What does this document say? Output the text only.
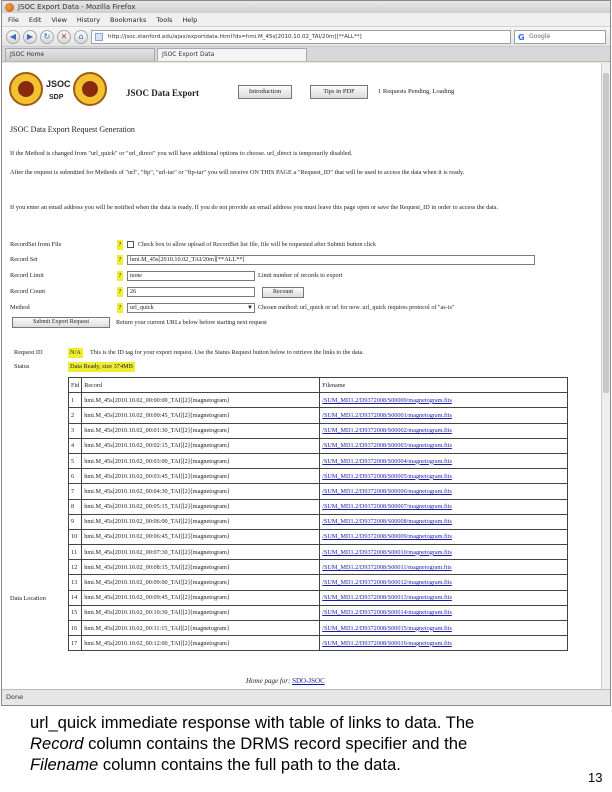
JSOC Export Data - Mozilla Firefox
File Edit View History Bookmarks Tools Help
◀	▶	↻	✕	⌂	http://jsoc.stanford.edu/ajax/exportdata.html?ds=hmi.M_45s[2010.10.02_TAI/20m][**ALL**]	G Google
JSOC Home	JSOC Export Data
JSOC
SDP	JSOC Data Export	Introduction	Tips in PDF	1 Requests Pending, Loading
JSOC Data Export Request Generation
If the Method is changed from "url_quick" or "url_direct" you will have additional options to choose. url_direct is temporarily disabled.
After the request is submitted for Methods of "url", "ftp", "url-tar" or "ftp-tar" you will receive ON THIS PAGE a "Request_ID" that will be used to access the data when it is ready.
If you enter an email address you will be notified when the data is ready. If you do not provide an email address you must leave this page open or save the Request_ID in order to access the data.
RecordSet from File	?	Check box to allow upload of RecordSet list file, file will be requested after Submit button click
Record Set	?	hmi.M_45s[2010.10.02_TAI/20m][**ALL**]
Record Limit	?	none	Limit number of records to export
Record Count	?	26	Recount
Method	?	url_quick	▼ Chosen method: url_quick or url for now. url_quick requires protocol of "as-is"
Submit Export Request	Return your current URLs below before starting next request
Request ID	N/A	This is the ID tag for your export request. Use the Status Request button below to retrieve the links to the data.
Status	Data Ready, size 374MB
Fid	Record	Filename
1	hmi.M_45s[2010.10.02_00:00:00_TAI][2]{magnetogram}	/SUM_MD1.2/D9372008/S00000/magnetogram.fits
2	hmi.M_45s[2010.10.02_00:00:45_TAI][2]{magnetogram}	/SUM_MD1.2/D9372008/S00001/magnetogram.fits
3	hmi.M_45s[2010.10.02_00:01:30_TAI][2]{magnetogram}	/SUM_MD1.2/D9372008/S00002/magnetogram.fits
4	hmi.M_45s[2010.10.02_00:02:15_TAI][2]{magnetogram}	/SUM_MD1.2/D9372008/S00003/magnetogram.fits
5	hmi.M_45s[2010.10.02_00:03:00_TAI][2]{magnetogram}	/SUM_MD1.2/D9372008/S00004/magnetogram.fits
6	hmi.M_45s[2010.10.02_00:03:45_TAI][2]{magnetogram}	/SUM_MD1.2/D9372008/S00005/magnetogram.fits
7	hmi.M_45s[2010.10.02_00:04:30_TAI][2]{magnetogram}	/SUM_MD1.2/D9372008/S00006/magnetogram.fits
8	hmi.M_45s[2010.10.02_00:05:15_TAI][2]{magnetogram}	/SUM_MD1.2/D9372008/S00007/magnetogram.fits
9	hmi.M_45s[2010.10.02_00:06:00_TAI][2]{magnetogram}	/SUM_MD1.2/D9372008/S00008/magnetogram.fits
10	hmi.M_45s[2010.10.02_00:06:45_TAI][2]{magnetogram}	/SUM_MD1.2/D9372008/S00009/magnetogram.fits
11	hmi.M_45s[2010.10.02_00:07:30_TAI][2]{magnetogram}	/SUM_MD1.2/D9372008/S00010/magnetogram.fits
12	hmi.M_45s[2010.10.02_00:08:15_TAI][2]{magnetogram}	/SUM_MD1.2/D9372008/S00011/magnetogram.fits
13	hmi.M_45s[2010.10.02_00:09:00_TAI][2]{magnetogram}	/SUM_MD1.2/D9372008/S00012/magnetogram.fits
14	hmi.M_45s[2010.10.02_00:09:45_TAI][2]{magnetogram}	/SUM_MD1.2/D9372008/S00013/magnetogram.fits
15	hmi.M_45s[2010.10.02_00:10:30_TAI][2]{magnetogram}	/SUM_MD1.2/D9372008/S00014/magnetogram.fits
16	hmi.M_45s[2010.10.02_00:11:15_TAI][2]{magnetogram}	/SUM_MD1.2/D9372008/S00015/magnetogram.fits
17	hmi.M_45s[2010.10.02_00:12:00_TAI][2]{magnetogram}	/SUM_MD1.2/D9372008/S00016/magnetogram.fits
Data Location
Home page for: SDO-JSOC
Done
url_quick immediate response with table of links to data. The
Record column contains the DRMS record specifier and the
Filename column contains the full path to the data.
13
